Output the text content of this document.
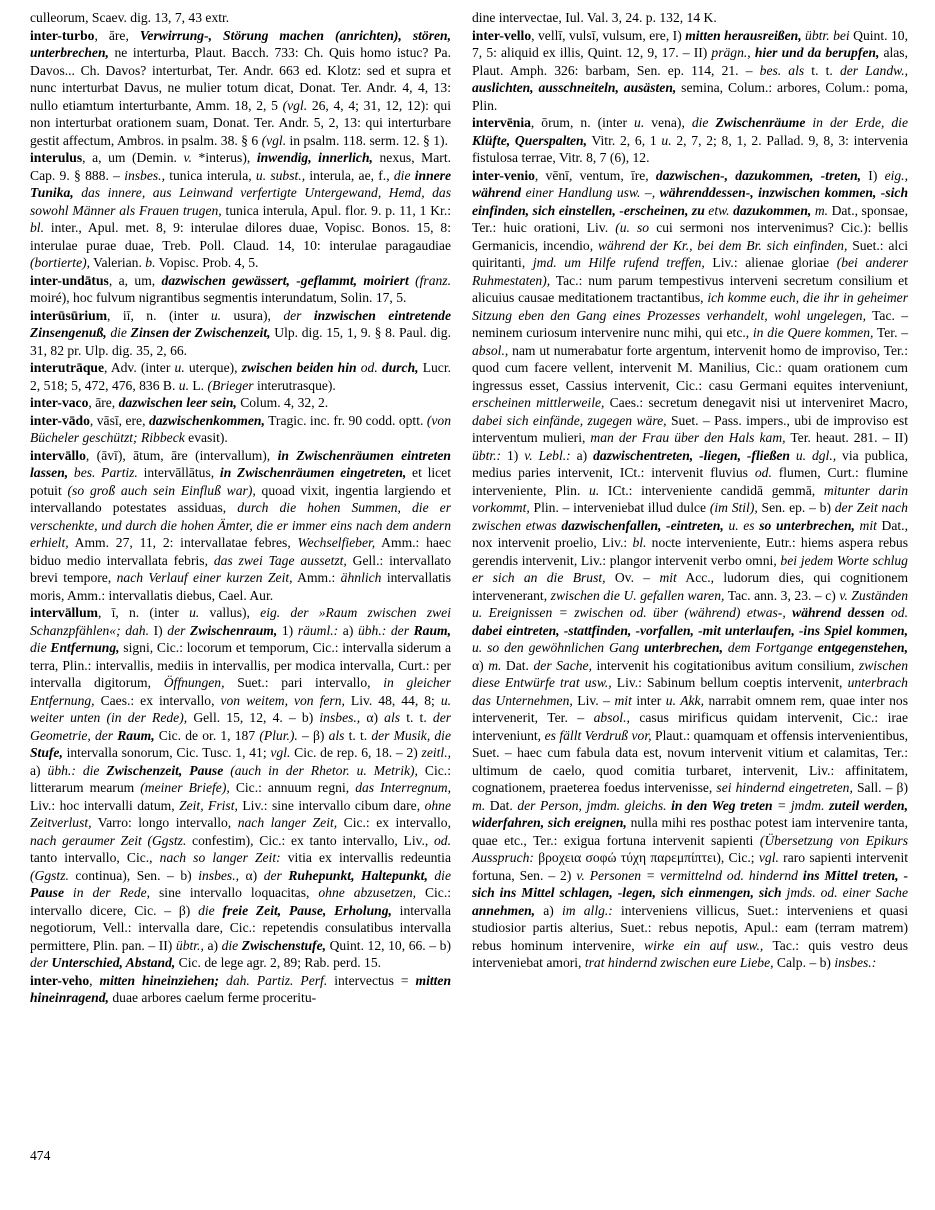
culleorum, Scaev. dig. 13, 7, 43 extr.

inter-turbo, āre, Verwirrung-, Störung machen (anrichten), stören, unterbrechen, ne interturba, Plaut. Bacch. 733: Ch. Quis homo istuc? Pa. Davos... Ch. Davos? interturbat, Ter. Andr. 663 ed. Klotz: sed et supra et nunc interturbat Davus, ne mulier totum dicat, Donat. Ter. Andr. 4, 4, 13: nullo etiamtum interturbante, Amm. 18, 2, 5 (vgl. 26, 4, 4; 31, 12, 12): qui non interturbat orationem suam, Donat. Ter. Andr. 5, 2, 13: qui interturbare gestit affectum, Ambros. in psalm. 38. § 6 (vgl. in psalm. 118. serm. 12. § 1).

interulus, a, um (Demin. v. *interus), inwendig, innerlich, nexus, Mart. Cap. 9. § 888. – insbes., tunica interula, u. subst., interula, ae, f., die innere Tunika, das innere, aus Leinwand verfertigte Untergewand, Hemd, das sowohl Männer als Frauen trugen, tunica interula, Apul. flor. 9. p. 11, 1 Kr.: bl. inter., Apul. met. 8, 9: interulae dilores duae, Vopisc. Bonos. 15, 8: interulae purae duae, Treb. Poll. Claud. 14, 10: interulae paragaudiae (bortierte), Valerian. b. Vopisc. Prob. 4, 5.

inter-undātus, a, um, dazwischen gewässert, -geflammt, moiriert (franz. moiré), hoc fulvum nigrantibus segmentis interundatum, Solin. 17, 5.

interūsūrium, iī, n. (inter u. usura), der inzwischen eintretende Zinsengenuß, die Zinsen der Zwischenzeit, Ulp. dig. 15, 1, 9. § 8. Paul. dig. 31, 82 pr. Ulp. dig. 35, 2, 66.

interutrāque, Adv. (inter u. uterque), zwischen beiden hin od. durch, Lucr. 2, 518; 5, 472, 476, 836 B. u. L. (Brieger interutrasque).

inter-vaco, āre, dazwischen leer sein, Colum. 4, 32, 2.

inter-vādo, vāsī, ere, dazwischenkommen, Tragic. inc. fr. 90 codd. optt. (von Bücheler geschützt; Ribbeck evasit).

intervāllo, (āvī), ātum, āre (intervallum), in Zwischenräumen eintreten lassen, bes. Partiz. intervāllātus, in Zwischenräumen eingetreten, et licet potuit (so groß auch sein Einfluß war), quoad vixit, ingentia largiendo et intervallando potestates assiduas, durch die hohen Summen, die er verschenkte, und durch die hohen Ämter, die er immer eins nach dem andern erhielt, Amm. 27, 11, 2: intervallatae febres, Wechselfieber, Amm.: haec biduo medio intervallata febris, das zwei Tage aussetzt, Gell.: intervallato brevi tempore, nach Verlauf einer kurzen Zeit, Amm.: ähnlich intervallatis moris, Amm.: intervallatis diebus, Cael. Aur.

intervāllum, ī, n. (inter u. vallus), eig. der »Raum zwischen zwei Schanzpfählen«; dah. I) der Zwischenraum, 1) räuml.: a) übh.: der Raum, die Entfernung, signi, Cic.: locorum et temporum, Cic.: intervalla siderum a terra, Plin.: intervallis, mediis in intervallis, per modica intervalla, Curt.: per intervalla digitorum, Öffnungen, Suet.: pari intervallo, in gleicher Entfernung, Caes.: ex intervallo, von weitem, von fern, Liv. 48, 44, 8; u. weiter unten (in der Rede), Gell. 15, 12, 4. – b) insbes., α) als t. t. der Geometrie, der Raum, Cic. de or. 1, 187 (Plur.). – β) als t. t. der Musik, die Stufe, intervalla sonorum, Cic. Tusc. 1, 41; vgl. Cic. de rep. 6, 18. – 2) zeitl., a) übh.: die Zwischenzeit, Pause (auch in der Rhetor. u. Metrik), Cic.: litterarum mearum (meiner Briefe), Cic.: annuum regni, das Interregnum, Liv.: hoc intervalli datum, Zeit, Frist, Liv.: sine intervallo cibum dare, ohne Zeitverlust, Varro: longo intervallo, nach langer Zeit, Cic.: ex intervallo, nach geraumer Zeit (Ggstz. confestim), Cic.: ex tanto intervallo, Liv., od. tanto intervallo, Cic., nach so langer Zeit: vitia ex intervallis redeuntia (Ggstz. continua), Sen. – b) insbes., α) der Ruhepunkt, Haltepunkt, die Pause in der Rede, sine intervallo loquacitas, ohne abzusetzen, Cic.: intervallo dicere, Cic. – β) die freie Zeit, Pause, Erholung, intervalla negotiorum, Vell.: intervalla dare, Cic.: repetendis consulatibus intervalla permittere, Plin. pan. – II) übtr., a) die Zwischenstufe, Quint. 12, 10, 66. – b) der Unterschied, Abstand, Cic. de lege agr. 2, 89; Rab. perd. 15.

inter-veho, mitten hineinziehen; dah. Partiz. Perf. intervectus = mitten hineinragend, duae arbores caelum ferme proceritu-

dine intervectae, Iul. Val. 3, 24. p. 132, 14 K.

inter-vello, vellī, vulsī, vulsum, ere, I) mitten herausreißen, übtr. bei Quint. 10, 7, 5: aliquid ex illis, Quint. 12, 9, 17. – II) prägn., hier und da berupfen, alas, Plaut. Amph. 326: barbam, Sen. ep. 114, 21. – bes. als t. t. der Landw., auslichten, ausschneiteln, ausästen, semina, Colum.: arbores, Colum.: poma, Plin.

intervēnia, ōrum, n. (inter u. vena), die Zwischenräume in der Erde, die Klüfte, Querspalten, Vitr. 2, 6, 1 u. 2, 7, 2; 8, 1, 2. Pallad. 9, 8, 3: intervenia fistulosa terrae, Vitr. 8, 7 (6), 12.

inter-venio, vēnī, ventum, īre, dazwischen-, dazukommen, -treten, I) eig., während einer Handlung usw. –, währenddessen-, inzwischen kommen, -sich einfinden, sich einstellen, -erscheinen, zu etw. dazukommen, m. Dat., sponsae, Ter.: huic orationi, Liv. (u. so cui sermoni nos intervenimus? Cic.): bellis Germanicis, incendio, während der Kr., bei dem Br. sich einfinden, Suet.: alci quiritanti, jmd. um Hilfe rufend treffen, Liv.: alienae gloriae (bei anderer Ruhmestaten), Tac.: num parum tempestivus interveni secretum consilium et alicuius causae meditationem tractantibus, ich komme euch, die ihr in geheimer Sitzung eben den Gang eines Prozesses verhandelt, wohl ungelegen, Tac. – neminem curiosum intervenire nunc mihi, qui etc., in die Quere kommen, Ter. – absol., nam ut numerabatur forte argentum, intervenit homo de improviso, Ter.: quod cum facere vellent, intervenit M. Manilius, Cic.: quam orationem cum ingressus esset, Cassius intervenit, Cic.: casu Germani equites interveniunt, erscheinen mittlerweile, Caes.: secretum denegavit nisi ut interveniret Macro, dabei sich einfände, zugegen wäre, Suet. – Pass. impers., ubi de improviso est interventum mulieri, man der Frau über den Hals kam, Ter. heaut. 281. – II) übtr.: 1) v. Lebl.: a) dazwischentreten, -liegen, -fließen u. dgl., via publica, medius paries intervenit, ICt.: intervenit fluvius od. flumen, Curt.: flumine interveniente, Plin. u. ICt.: interveniente candidā gemmā, mitunter darin vorkommt, Plin. – interveniebat illud dulce (im Stil), Sen. ep. – b) der Zeit nach zwischen etwas dazwischenfallen, -eintreten, u. es so unterbrechen, mit Dat., nox intervenit proelio, Liv.: bl. nocte interveniente, Eutr.: hiems aspera rebus gerendis intervenit, Liv.: plangor intervenit verbo omni, bei jedem Worte schlug er sich an die Brust, Ov. – mit Acc., ludorum dies, qui cognitionem intervenerant, zwischen die U. gefallen waren, Tac. ann. 3, 23. – c) v. Zuständen u. Ereignissen = zwischen od. über (während) etwas-, während dessen od. dabei eintreten, -stattfinden, -vorfallen, -mit unterlaufen, -ins Spiel kommen, u. so den gewöhnlichen Gang unterbrechen, dem Fortgange entgegenstehen, α) m. Dat. der Sache, intervenit his cogitationibus avitum consilium, zwischen diese Entwürfe trat usw., Liv.: Sabinum bellum coeptis intervenit, unterbrach das Unternehmen, Liv. – mit inter u. Akk, narrabit omnem rem, quae inter nos intervenerit, Ter. – absol., casus mirificus quidam intervenit, Cic.: irae interveniunt, es fällt Verdruß vor, Plaut.: quamquam et offensis intervenientibus, Suet. – haec cum fabula data est, novum intervenit vitium et calamitas, Ter.: ultimum de caelo, quod comitia turbaret, intervenit, Liv.: affinitatem, cognationem, praeterea foedus intervenisse, sei hindernd eingetreten, Sall. – β) m. Dat. der Person, jmdm. gleichs. in den Weg treten = jmdm. zuteil werden, widerfahren, sich ereignen, nulla mihi res posthac potest iam intervenire tanta, quae etc., Ter.: exigua fortuna intervenit sapienti (Übersetzung von Epikurs Ausspruch: βροχεια σοφώ τύχη παρεμπίπτει), Cic.; vgl. raro sapienti intervenit fortuna, Sen. – 2) v. Personen = vermittelnd od. hindernd ins Mittel treten, - sich ins Mittel schlagen, -legen, sich einmengen, sich jmds. od. einer Sache annehmen, a) im allg.: interveniens villicus, Suet.: interveniens et quasi studiosior partis alterius, Suet.: rebus nepotis, Apul.: eam (terram matrem) rebus hominum intervenire, wirke ein auf usw., Tac.: quis vestro deus interveniebat amori, trat hindernd zwischen eure Liebe, Calp. – b) insbes.:

474
